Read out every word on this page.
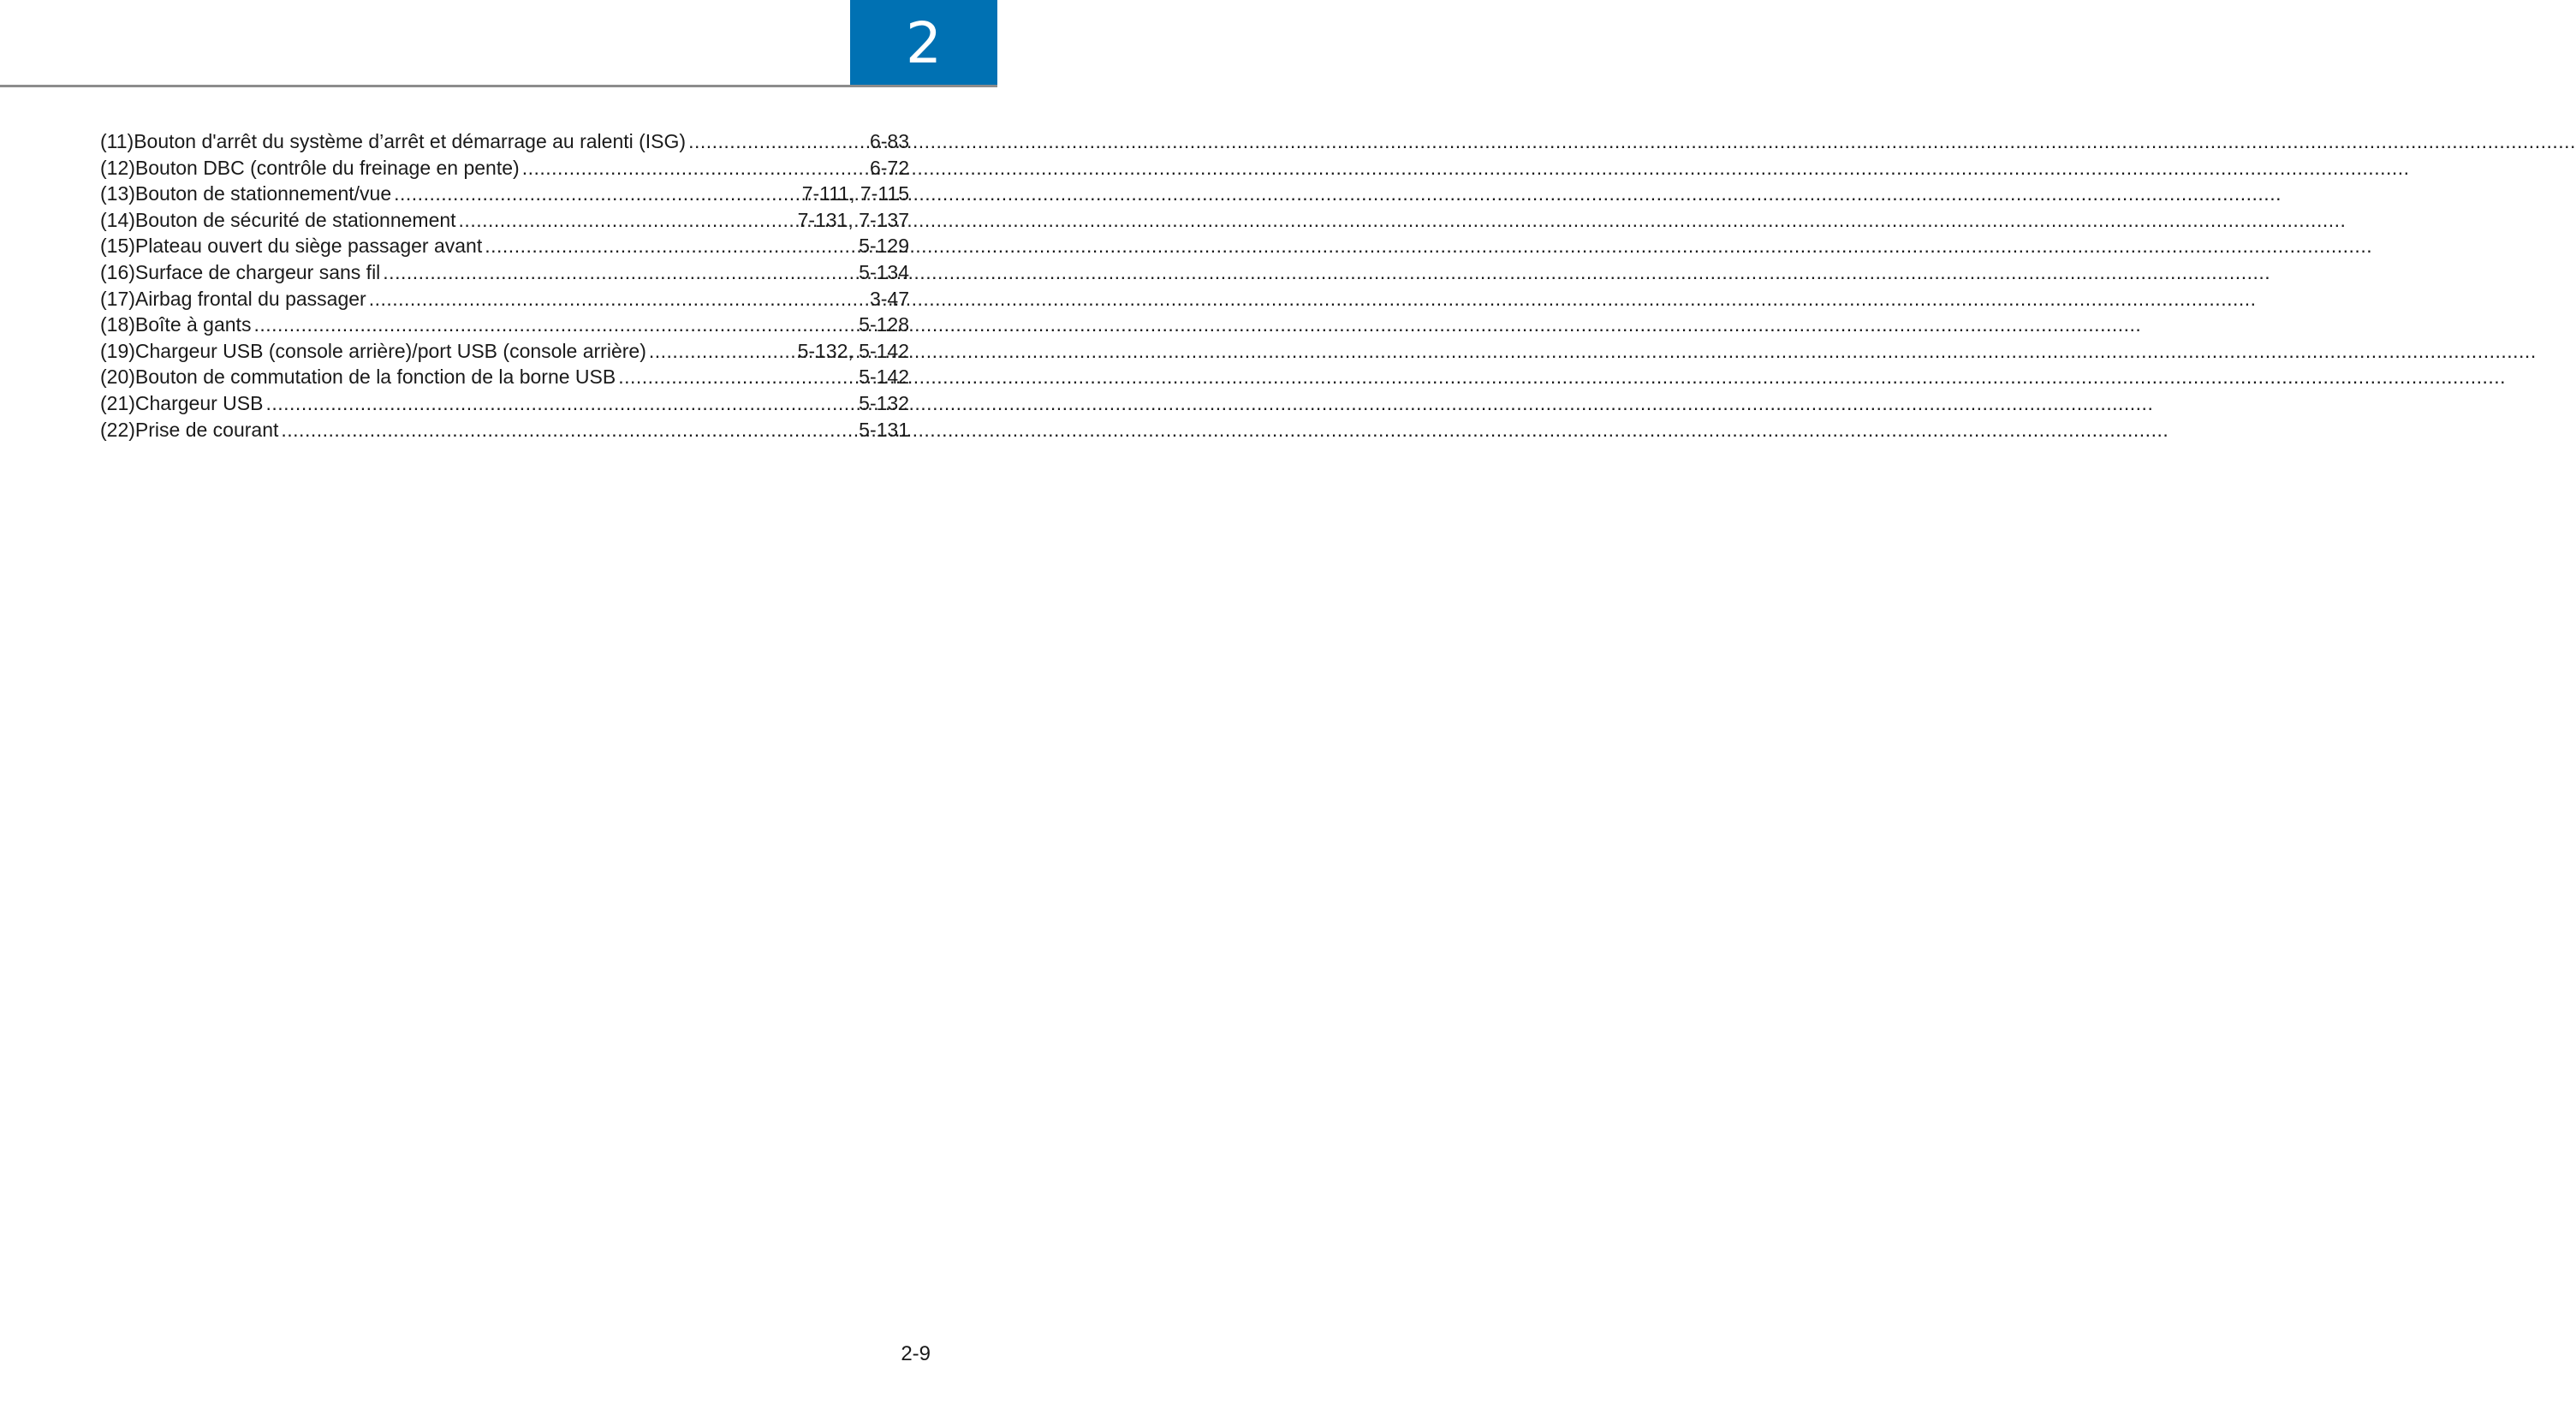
2
(11) Bouton d'arrêt du système d’arrêt et démarrage au ralenti (ISG) .....	6-83
(12) Bouton DBC (contrôle du freinage en pente) .....	6-72
(13) Bouton de stationnement/vue .....	7-111, 7-115
(14) Bouton de sécurité de stationnement .....	7-131, 7-137
(15) Plateau ouvert du siège passager avant .....	5-129
(16) Surface de chargeur sans fil .....	5-134
(17) Airbag frontal du passager .....	3-47
(18) Boîte à gants .....	5-128
(19) Chargeur USB (console arrière)/port USB (console arrière) .....	5-132, 5-142
(20) Bouton de commutation de la fonction de la borne USB .....	5-142
(21) Chargeur USB .....	5-132
(22) Prise de courant .....	5-131
2-9
